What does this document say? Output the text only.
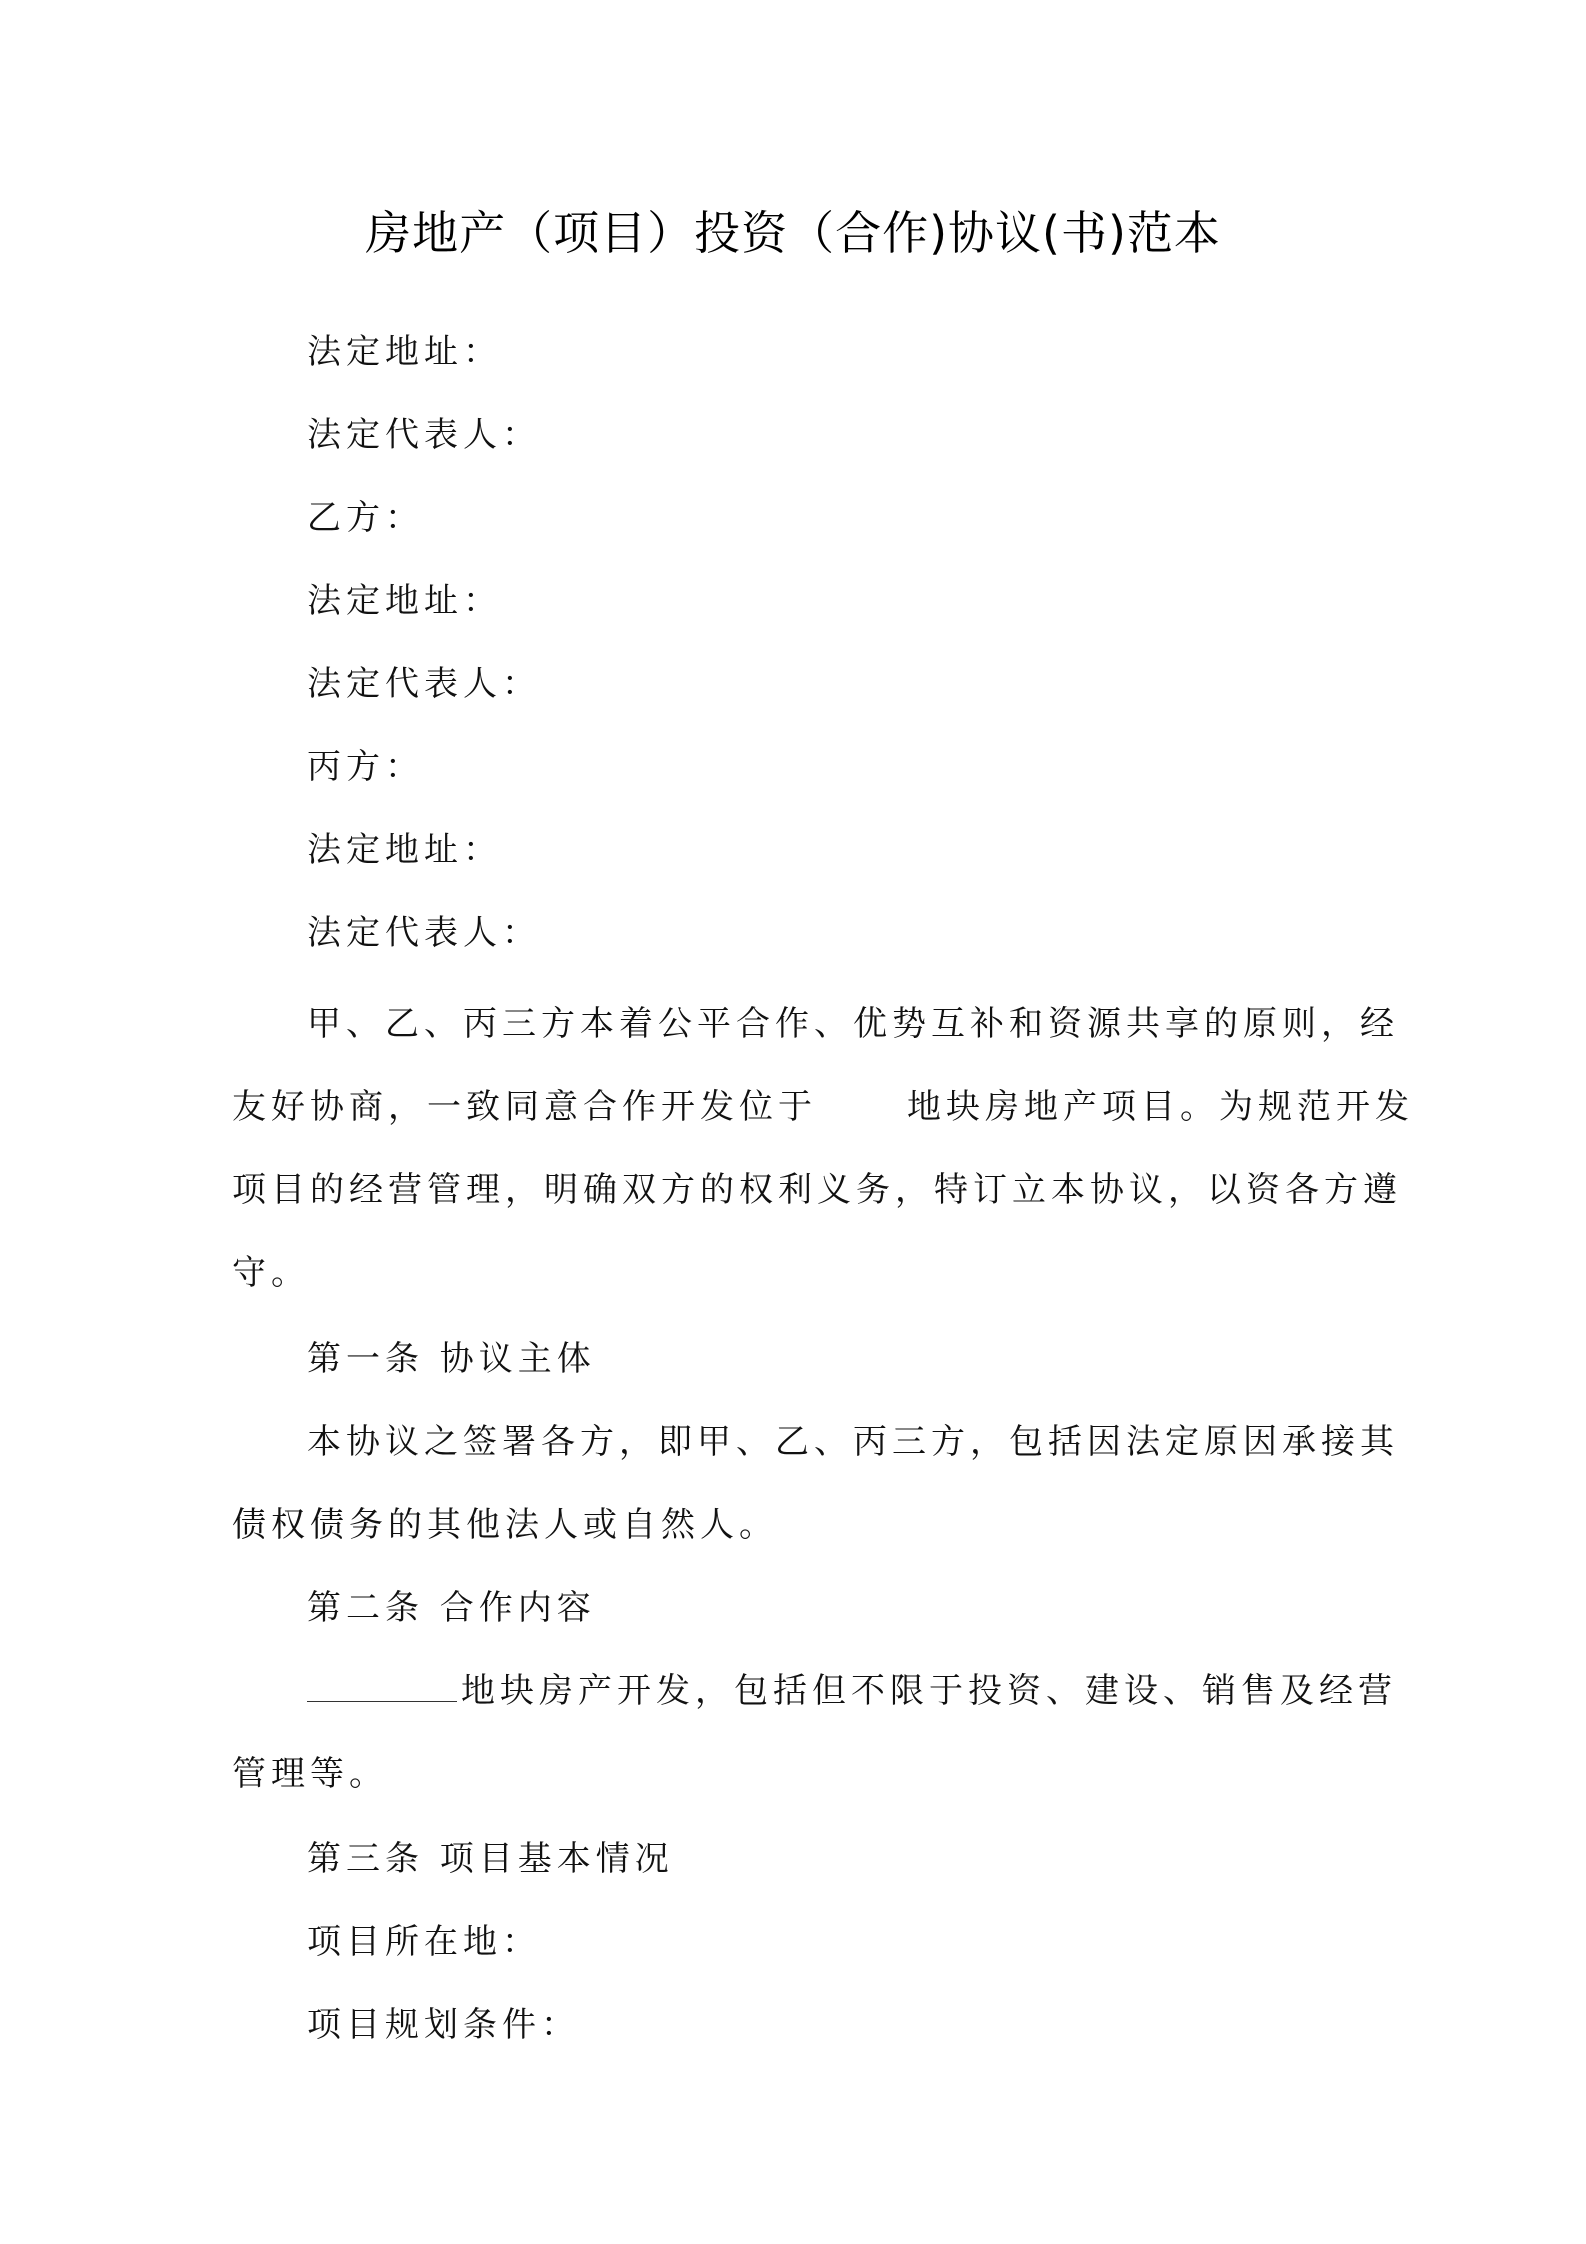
房地产（项目）投资（合作)协议(书)范本

法定地址：

法定代表人：

乙方：

法定地址：

法定代表人：

丙方：

法定地址：

法定代表人：

甲、乙、丙三方本着公平合作、优势互补和资源共享的原则，经

友好协商，一致同意合作开发位于	地块房地产项目。为规范开发

项目的经营管理，明确双方的权利义务，特订立本协议，以资各方遵

守。

第一条 协议主体

本协议之签署各方，即甲、乙、丙三方，包括因法定原因承接其

债权债务的其他法人或自然人。

第二条 合作内容

地块房产开发，包括但不限于投资、建设、销售及经营

管理等。

第三条 项目基本情况

项目所在地：

项目规划条件：
